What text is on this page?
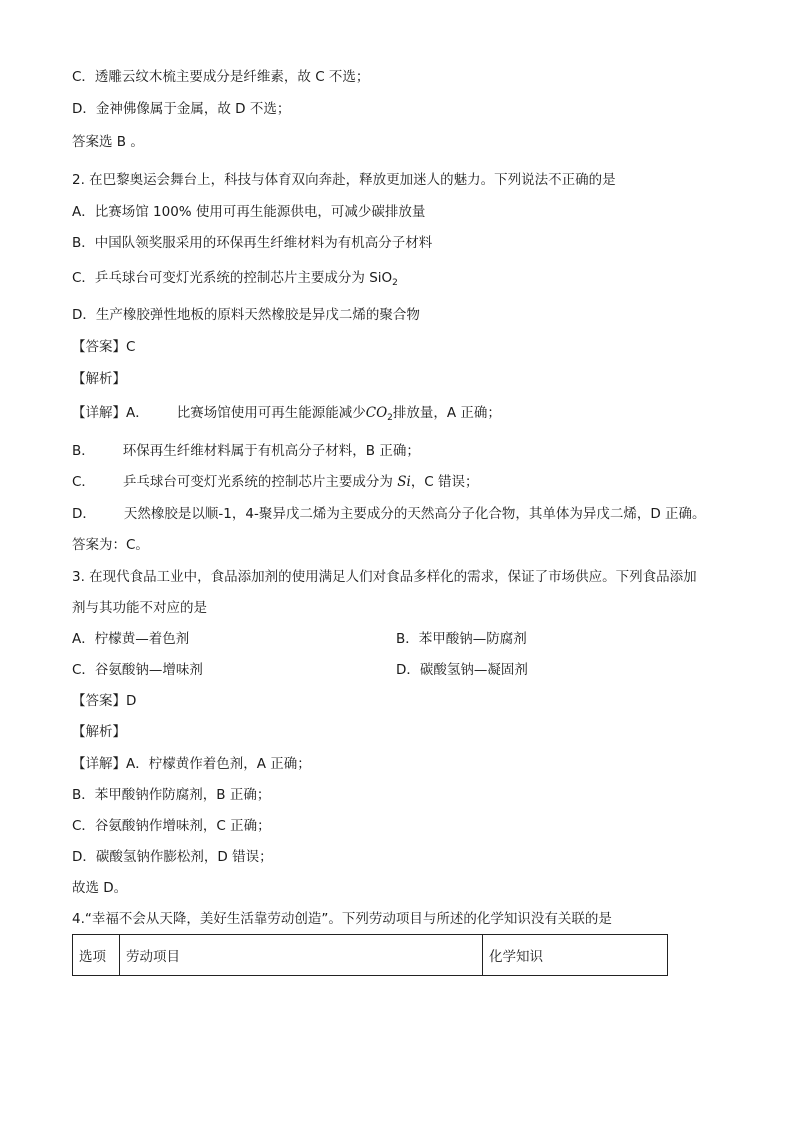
C．透雕云纹木梳主要成分是纤维素，故 C 不选；
D．金神佛像属于金属，故 D 不选；
答案选 B 。
2. 在巴黎奥运会舞台上，科技与体育双向奔赴，释放更加迷人的魅力。下列说法不正确的是
A．比赛场馆 100% 使用可再生能源供电，可减少碳排放量
B．中国队领奖服采用的环保再生纤维材料为有机高分子材料
C．乒乓球台可变灯光系统的控制芯片主要成分为 SiO$_2$
D．生产橡胶弹性地板的原料天然橡胶是异戊二烯的聚合物
【答案】C
【解析】
【详解】A． 比赛场馆使用可再生能源能减少$CO_2$排放量，A 正确；
B． 环保再生纤维材料属于有机高分子材料，B 正确；
C． 乒乓球台可变灯光系统的控制芯片主要成分为 Si，C 错误；
D． 天然橡胶是以顺-1，4-聚异戊二烯为主要成分的天然高分子化合物，其单体为异戊二烯，D 正确。
答案为：C。
3. 在现代食品工业中，食品添加剂的使用满足人们对食品多样化的需求，保证了市场供应。下列食品添加
剂与其功能不对应的是
A．柠檬黄—着色剂	B．苯甲酸钠—防腐剂
C．谷氨酸钠—增味剂	D．碳酸氢钠—凝固剂
【答案】D
【解析】
【详解】A．柠檬黄作着色剂，A 正确；
B．苯甲酸钠作防腐剂，B 正确；
C．谷氨酸钠作增味剂，C 正确；
D．碳酸氢钠作膨松剂，D 错误；
故选 D。
4.“幸福不会从天降，美好生活靠劳动创造”。下列劳动项目与所述的化学知识没有关联的是
选项	劳动项目	化学知识
